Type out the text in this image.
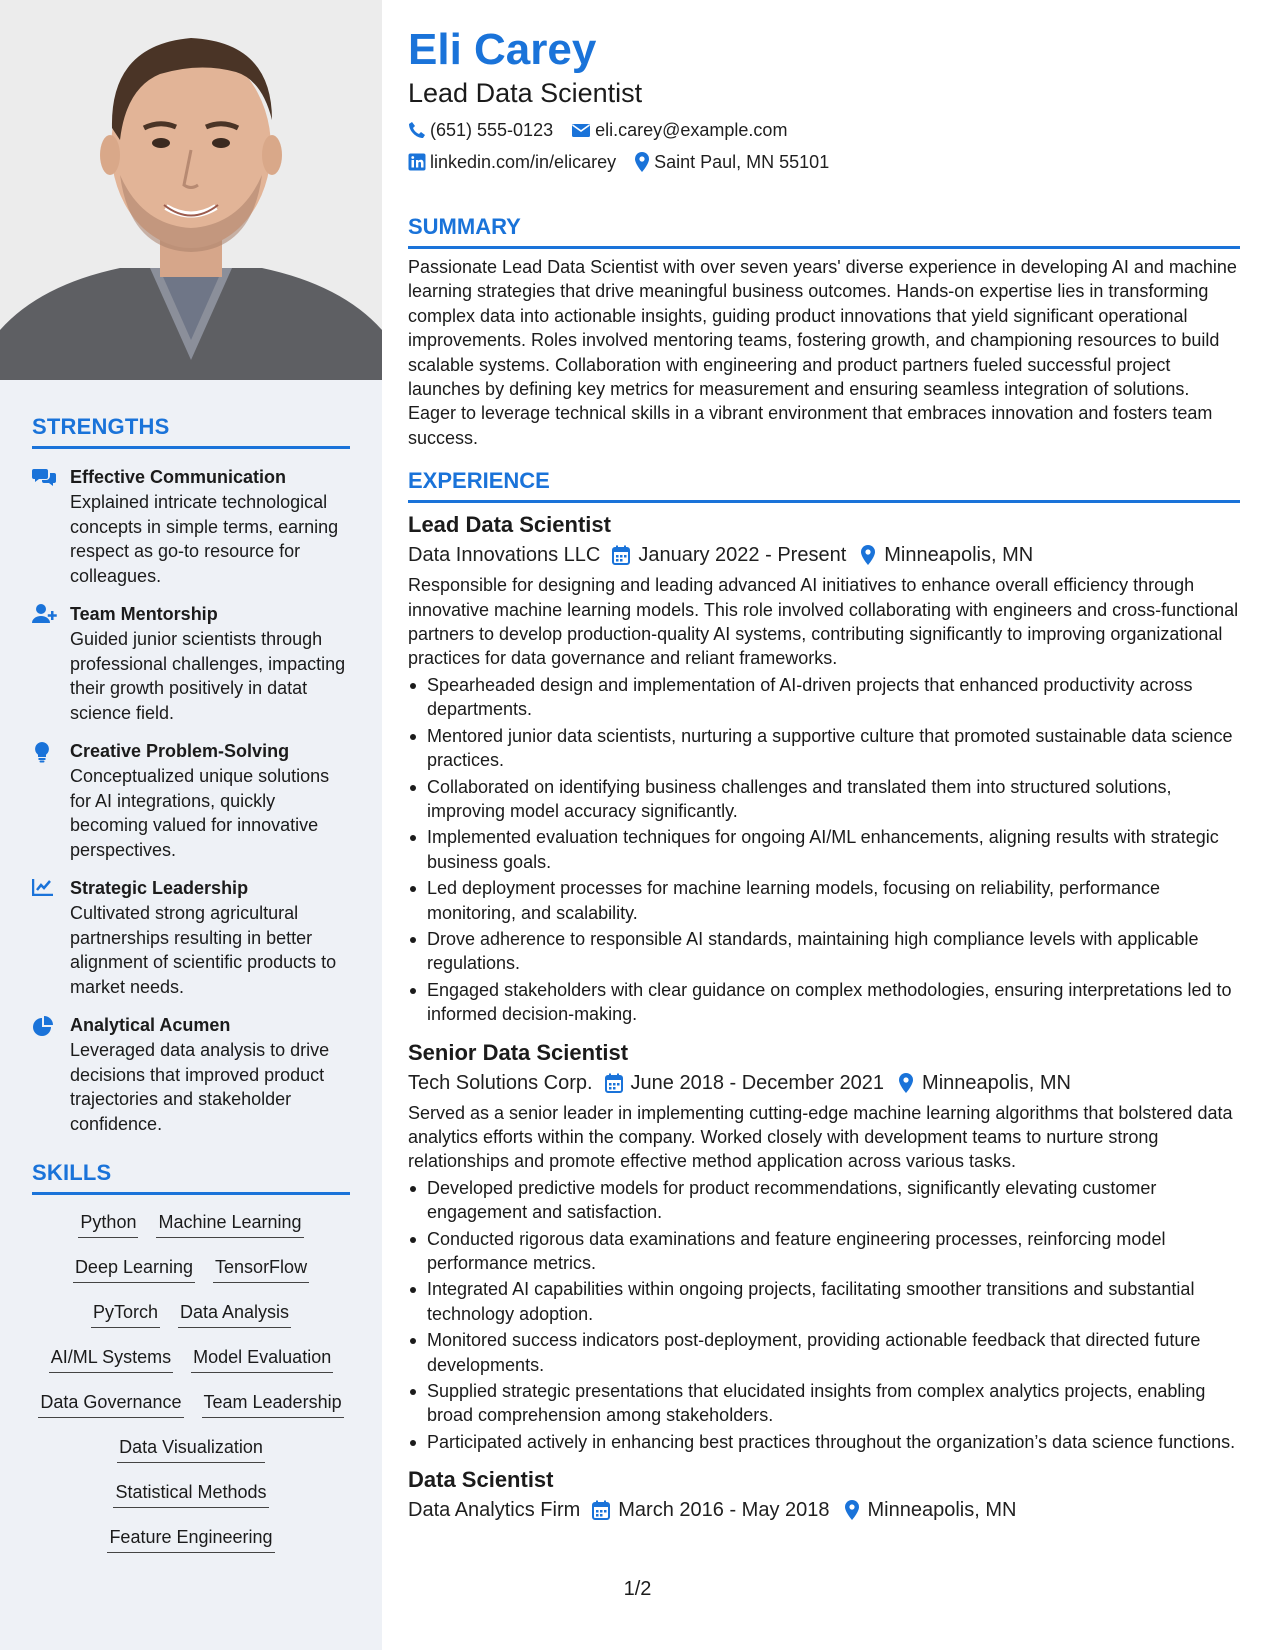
STRENGTHS
Effective Communication
Explained intricate technological concepts in simple terms, earning respect as go-to resource for colleagues.
Team Mentorship
Guided junior scientists through professional challenges, impacting their growth positively in datat science field.
Creative Problem-Solving
Conceptualized unique solutions for AI integrations, quickly becoming valued for innovative perspectives.
Strategic Leadership
Cultivated strong agricultural partnerships resulting in better alignment of scientific products to market needs.
Analytical Acumen
Leveraged data analysis to drive decisions that improved product trajectories and stakeholder confidence.
SKILLS
Python Machine Learning
Deep Learning TensorFlow
PyTorch Data Analysis
AI/ML Systems Model Evaluation
Data Governance Team Leadership
Data Visualization
Statistical Methods
Feature Engineering
Eli Carey
Lead Data Scientist
(651) 555-0123 eli.carey@example.com
linkedin.com/in/elicarey Saint Paul, MN 55101
SUMMARY
Passionate Lead Data Scientist with over seven years' diverse experience in developing AI and machine learning strategies that drive meaningful business outcomes. Hands-on expertise lies in transforming complex data into actionable insights, guiding product innovations that yield significant operational improvements. Roles involved mentoring teams, fostering growth, and championing resources to build scalable systems. Collaboration with engineering and product partners fueled successful project launches by defining key metrics for measurement and ensuring seamless integration of solutions. Eager to leverage technical skills in a vibrant environment that embraces innovation and fosters team success.
EXPERIENCE
Lead Data Scientist
Data Innovations LLC January 2022 - Present Minneapolis, MN
Responsible for designing and leading advanced AI initiatives to enhance overall efficiency through innovative machine learning models. This role involved collaborating with engineers and cross-functional partners to develop production-quality AI systems, contributing significantly to improving organizational practices for data governance and reliant frameworks.
Spearheaded design and implementation of AI-driven projects that enhanced productivity across departments.
Mentored junior data scientists, nurturing a supportive culture that promoted sustainable data science practices.
Collaborated on identifying business challenges and translated them into structured solutions, improving model accuracy significantly.
Implemented evaluation techniques for ongoing AI/ML enhancements, aligning results with strategic business goals.
Led deployment processes for machine learning models, focusing on reliability, performance monitoring, and scalability.
Drove adherence to responsible AI standards, maintaining high compliance levels with applicable regulations.
Engaged stakeholders with clear guidance on complex methodologies, ensuring interpretations led to informed decision-making.
Senior Data Scientist
Tech Solutions Corp. June 2018 - December 2021 Minneapolis, MN
Served as a senior leader in implementing cutting-edge machine learning algorithms that bolstered data analytics efforts within the company. Worked closely with development teams to nurture strong relationships and promote effective method application across various tasks.
Developed predictive models for product recommendations, significantly elevating customer engagement and satisfaction.
Conducted rigorous data examinations and feature engineering processes, reinforcing model performance metrics.
Integrated AI capabilities within ongoing projects, facilitating smoother transitions and substantial technology adoption.
Monitored success indicators post-deployment, providing actionable feedback that directed future developments.
Supplied strategic presentations that elucidated insights from complex analytics projects, enabling broad comprehension among stakeholders.
Participated actively in enhancing best practices throughout the organization’s data science functions.
Data Scientist
Data Analytics Firm March 2016 - May 2018 Minneapolis, MN
1/2
